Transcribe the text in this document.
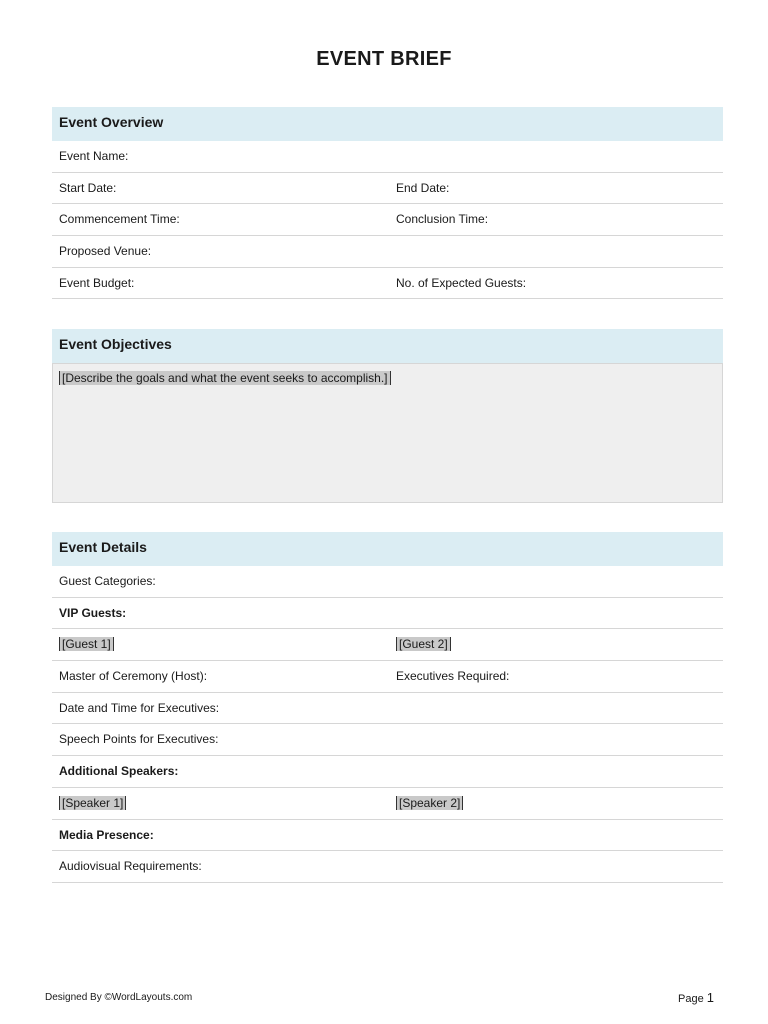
EVENT BRIEF
Event Overview
Event Name:
Start Date:	End Date:
Commencement Time:	Conclusion Time:
Proposed Venue:
Event Budget:	No. of Expected Guests:
Event Objectives
[Describe the goals and what the event seeks to accomplish.]
Event Details
Guest Categories:
VIP Guests:
[Guest 1]	[Guest 2]
Master of Ceremony (Host):	Executives Required:
Date and Time for Executives:
Speech Points for Executives:
Additional Speakers:
[Speaker 1]	[Speaker 2]
Media Presence:
Audiovisual Requirements:
Designed By ©WordLayouts.com	Page 1
